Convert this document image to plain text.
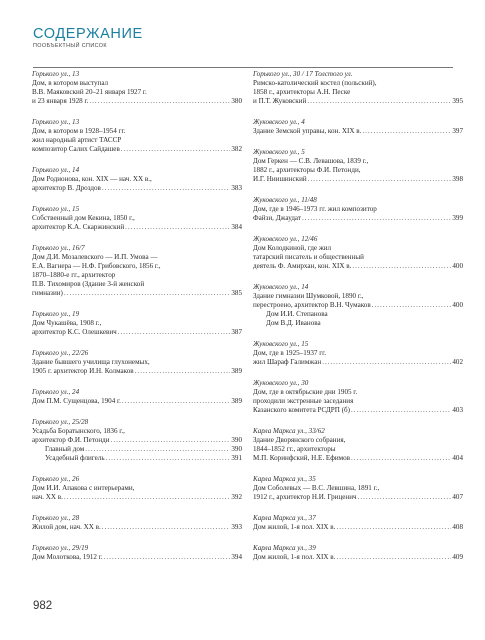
СОДЕРЖАНИЕ
ПООБЪЕКТНЫЙ СПИСОК
Горького ул., 13
Дом, в котором выступал
В.В. Маяковский 20–21 января 1927 г.
и 23 января 1928 г. .....	380
Горького ул., 13
Дом, в котором в 1928–1954 гг.
жил народный артист ТАССР
композитор Салих Сайдашев .....	382
Горького ул., 14
Дом Родионова, кон. XIX — нач. XX в.,
архитектор В. Дроздов .....	383
Горького ул., 15
Собственный дом Кекина, 1850 г.,
архитектор К.А. Скаржинский .....	384
Горького ул., 16/7
Дом Д.И. Мозалевского — И.П. Умова —
Е.А. Вагнера — Н.Ф. Грибовского, 1856 г.,
1870–1880-е гг., архитектор
П.В. Тихомиров (Здание 3-й женской
гимназии) .....	385
Горького ул., 19
Дом Чукашёва, 1908 г.,
архитектор К.С. Олешкевич .....	387
Горького ул., 22/26
Здание бывшего училища глухонемых,
1905 г. архитектор И.Н. Колмаков .....	389
Горького ул., 24
Дом П.М. Сущенцова, 1904 г. .....	389
Горького ул., 25/28
Усадьба Боратынского, 1836 г.,
архитектор Ф.И. Петонди .....	390
Главный дом .....	390
Усадебный флигель .....	391
Горького ул., 26
Дом И.И. Апакова с интерьерами,
нач. XX в. .....	392
Горького ул., 28
Жилой дом, нач. XX в. .....	393
Горького ул., 29/19
Дом Молоткова, 1912 г. .....	394
Горького ул., 30 / 17 Толстого ул.
Римско-католический костел (польский),
1858 г., архитекторы А.Н. Песке
и П.Т. Жуковский .....	395
Жуковского ул., 4
Здание Земской управы, кон. XIX в. .....	397
Жуковского ул., 5
Дом Геркен — С.В. Левашова, 1839 г.,
1882 г., архитекторы Ф.И. Петонди,
И.Г. Ниишинский .....	398
Жуковского ул., 11/48
Дом, где в 1946–1973 гг. жил композитор
Файзи, Джаудат .....	399
Жуковского ул., 12/46
Дом Колодкиной, где жил
татарский писатель и общественный
деятель Ф. Амирхан, кон. XIX в. .....	400
Жуковского ул., 14
Здание гимназии Шумковой, 1890 г.,
перестроено, архитектор В.Н. Чумаков .....	400
Дом И.И. Степанова
Дом В.Д. Иванова
Жуковского ул., 15
Дом, где в 1925–1937 гг.
жил Шараф Галимжан .....	402
Жуковского ул., 30
Дом, где в октябрьские дни 1905 г.
проходили экстренные заседания
Казанского комитета РСДРП (б) .....	403
Карла Маркса ул., 33/62
Здание Дворянского собрания,
1844–1852 гг., архитекторы
М.П. Коринфский, Н.Е. Ефимов .....	404
Карла Маркса ул., 35
Дом Соболевых — В.С. Левшина, 1891 г.,
1912 г., архитектор Н.И. Гриценич .....	407
Карла Маркса ул., 37
Дом жилой, 1-я пол. XIX в. .....	408
Карла Маркса ул., 39
Дом жилой, 1-я пол. XIX в. .....	409
982
